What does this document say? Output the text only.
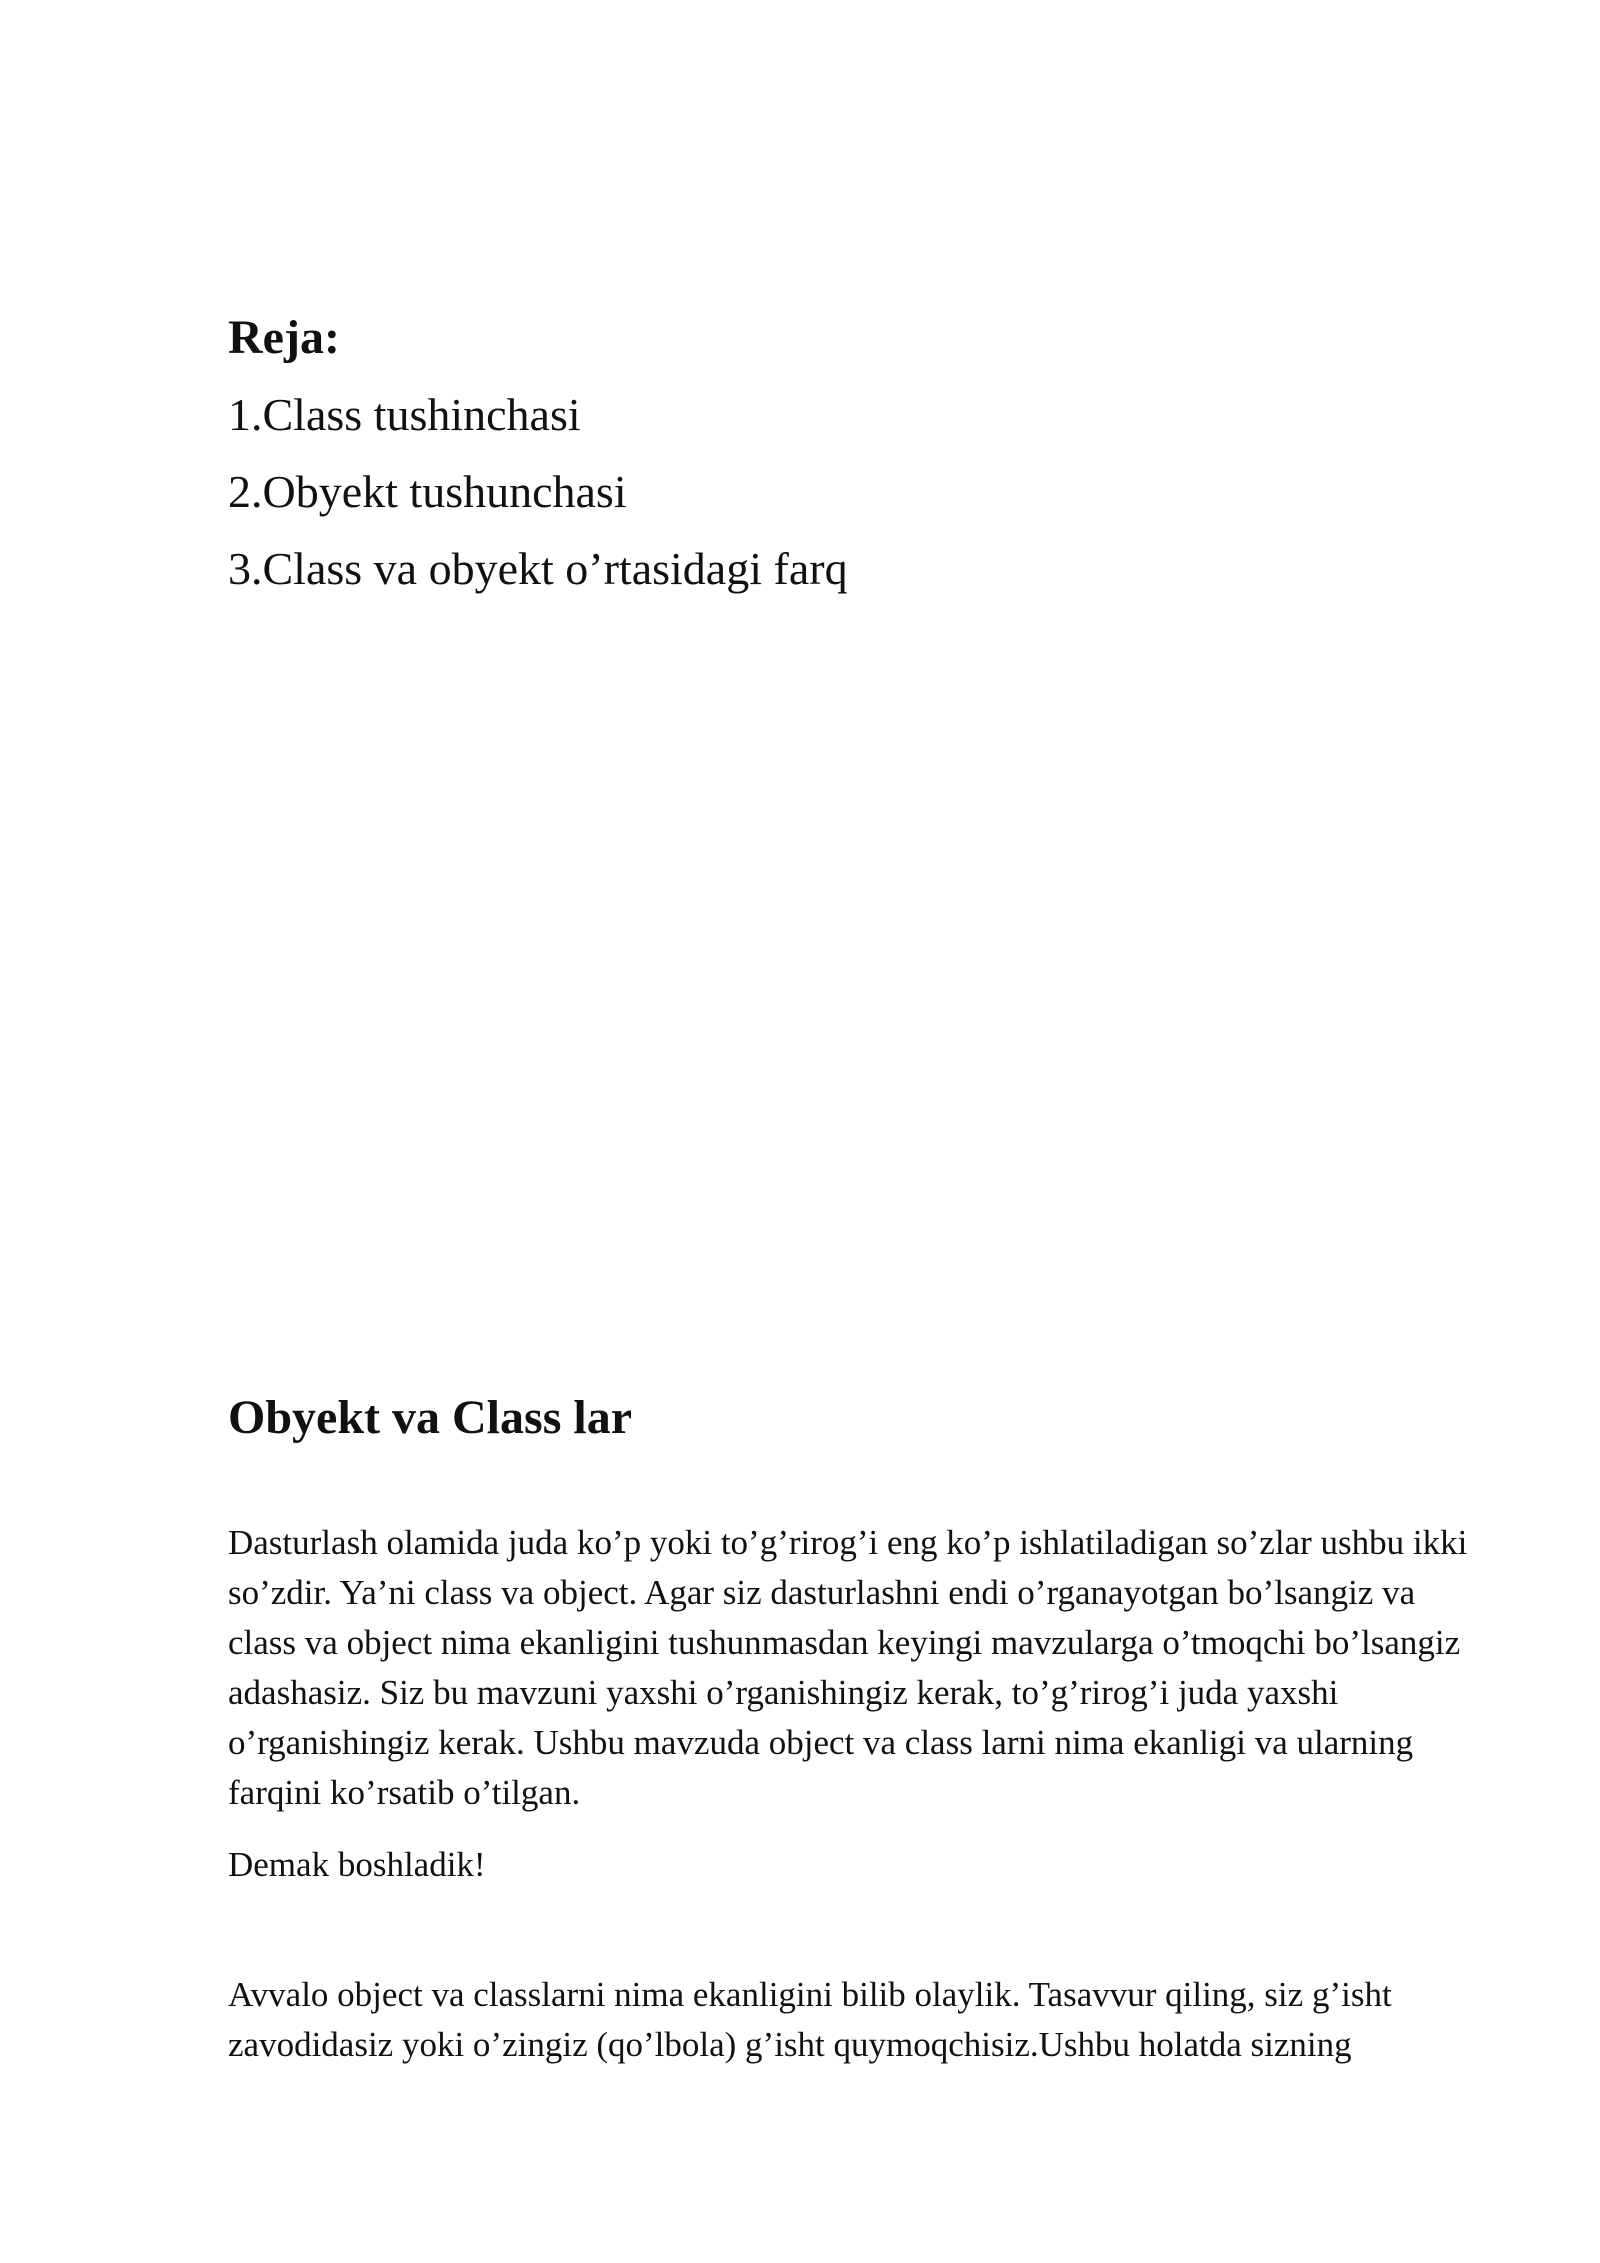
Reja:
1.Class tushinchasi
2.Obyekt tushunchasi
3.Class va obyekt o’rtasidagi farq
Obyekt va Class lar

Dasturlash olamida juda ko’p yoki to’g’rirog’i eng ko’p ishlatiladigan so’zlar ushbu ikki so’zdir. Ya’ni class va object. Agar siz dasturlashni endi o’rganayotgan bo’lsangiz va class va object nima ekanligini tushunmasdan keyingi mavzularga o’tmoqchi bo’lsangiz adashasiz. Siz bu mavzuni yaxshi o’rganishingiz kerak, to’g’rirog’i juda yaxshi o’rganishingiz kerak. Ushbu mavzuda object va class larni nima ekanligi va ularning farqini ko’rsatib o’tilgan.

Demak boshladik!

Avvalo object va classlarni nima ekanligini bilib olaylik. Tasavvur qiling, siz g’isht zavodidasiz yoki o’zingiz (qo’lbola) g’isht quymoqchisiz.Ushbu holatda sizning
